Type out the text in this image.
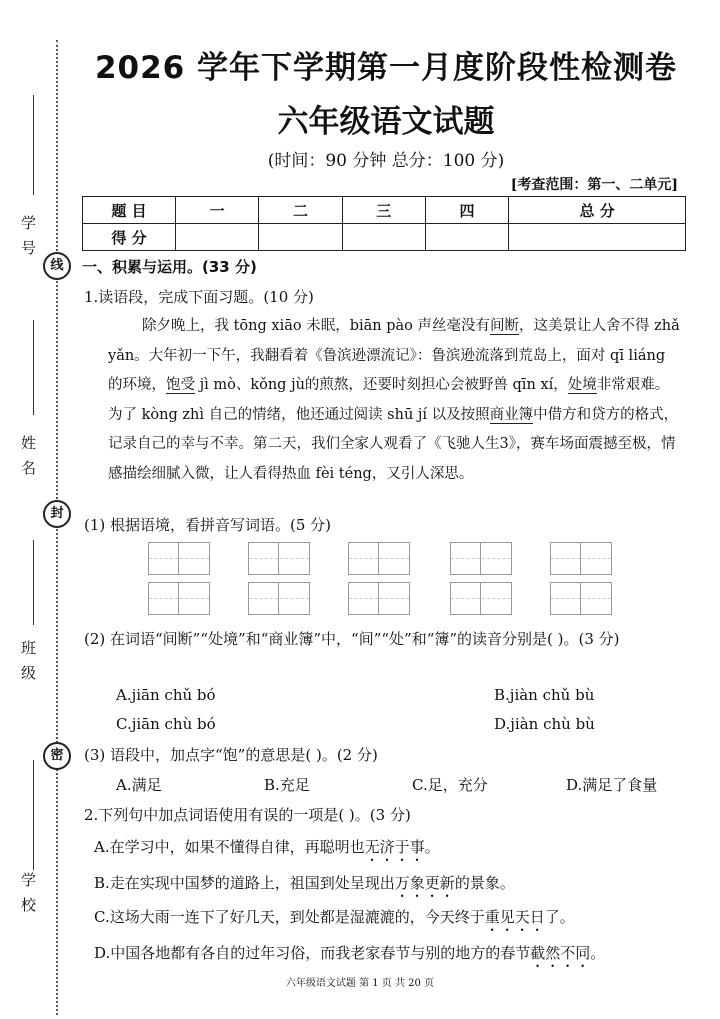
学号
姓名
班级
学校
线
封
密
2026 学年下学期第一月度阶段性检测卷
六年级语文试题
(时间：90 分钟 总分：100 分)
[考查范围：第一、二单元]
题 目	一	二	三	四	总 分
得 分					
一、积累与运用。(33 分)
1.读语段，完成下面习题。(10 分)
除夕晚上，我 tōng xiāo 未眠，biān pào 声丝毫没有间断，这美景让人舍不得 zhǎ yǎn。大年初一下午，我翻看着《鲁滨逊漂流记》：鲁滨逊流落到荒岛上，面对 qī liáng 的环境，饱受 jì mò、kǒng jù的煎熬，还要时刻担心会被野兽 qīn xí，处境非常艰难。为了 kòng zhì 自己的情绪，他还通过阅读 shū jí 以及按照商业簿中借方和贷方的格式，记录自己的幸与不幸。第二天，我们全家人观看了《飞驰人生3》，赛车场面震撼至极，情感描绘细腻入微，让人看得热血 fèi téng，又引人深思。
(1) 根据语境，看拼音写词语。(5 分)
(2) 在词语“间断”“处境”和“商业簿”中，“间”“处”和“簿”的读音分别是( )。(3 分)
A.jiān chǔ bó	B.jiàn chǔ bù
C.jiān chù bó	D.jiàn chù bù
(3) 语段中，加点字“饱”的意思是( )。(2 分)
A.满足	B.充足	C.足，充分	D.满足了食量
2.下列句中加点词语使用有误的一项是( )。(3 分)
A.在学习中，如果不懂得自律，再聪明也无济于事。
B.走在实现中国梦的道路上，祖国到处呈现出万象更新的景象。
C.这场大雨一连下了好几天，到处都是湿漉漉的，今天终于重见天日了。
D.中国各地都有各自的过年习俗，而我老家春节与别的地方的春节截然不同。
六年级语文试题 第 1 页 共 20 页
